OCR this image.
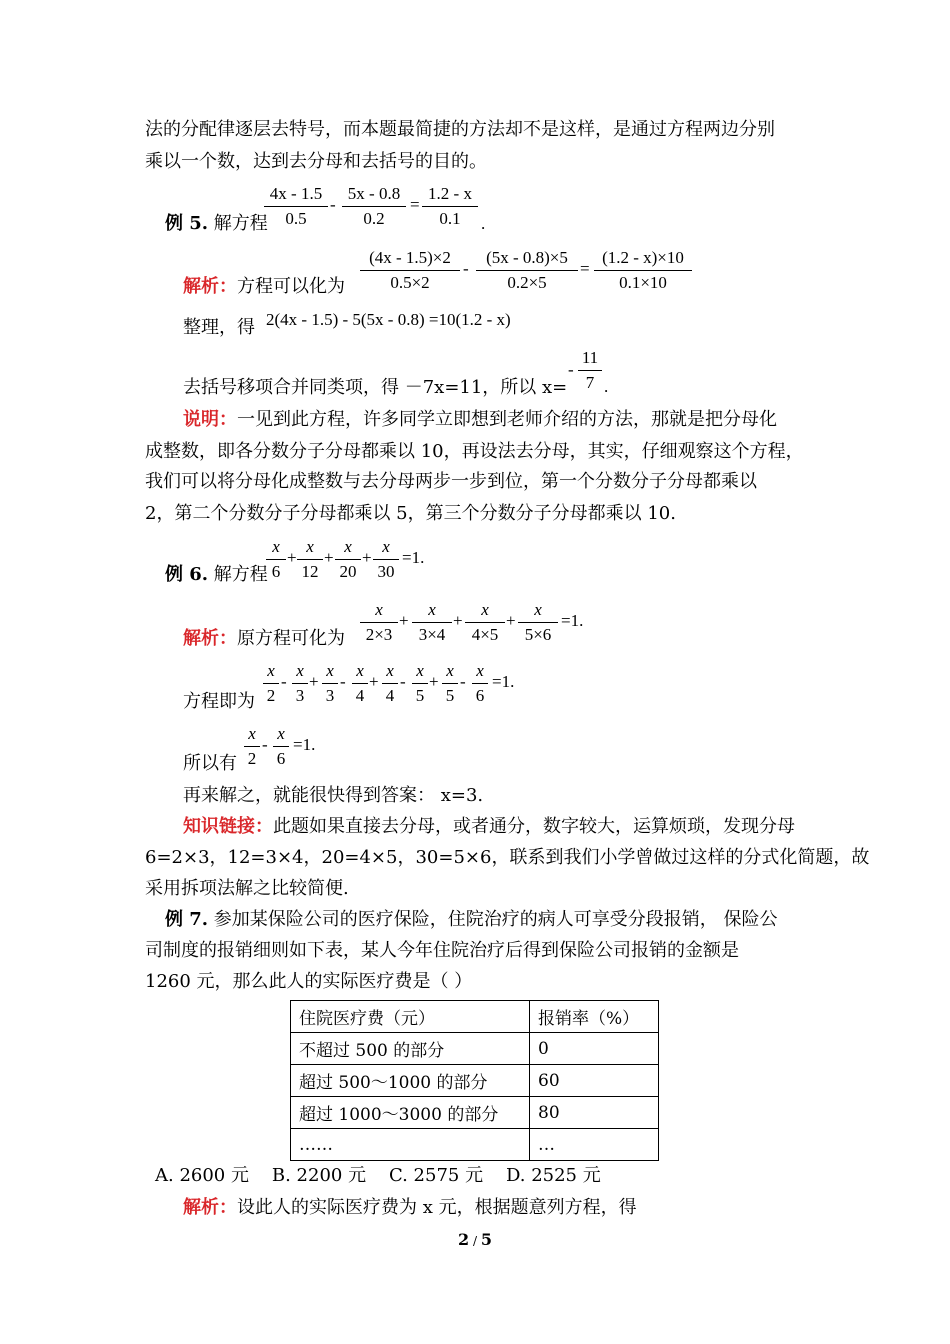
法的分配律逐层去特号，而本题最简捷的方法却不是这样，是通过方程两边分别
乘以一个数，达到去分母和去括号的目的。
例 5. 解方程
$\frac{4x - 1.5}{0.5} - \frac{5x - 0.8}{0.2} = \frac{1.2 - x}{0.1}$ .
解析：方程可以化为 $\frac{(4x - 1.5)\times 2}{0.5\times 2} - \frac{(5x - 0.8)\times 5}{0.2\times 5} = \frac{(1.2 - x)\times 10}{0.1\times 10}$
整理，得 2(4x - 1.5) - 5(5x - 0.8) =10(1.2 - x)
去括号移项合并同类项，得 －7x=11，所以 x=
- $\frac{11}{7}$ .
说明：一见到此方程，许多同学立即想到老师介绍的方法，那就是把分母化
成整数，即各分数分子分母都乘以 10，再设法去分母，其实，仔细观察这个方程，
我们可以将分母化成整数与去分母两步一步到位，第一个分数分子分母都乘以
2，第二个分数分子分母都乘以 5，第三个分数分子分母都乘以 10.
例 6. 解方程
$\frac{x}{6} + \frac{x}{12} + \frac{x}{20} + \frac{x}{30} =1$.
解析：原方程可化为 $\frac{x}{2\times 3} + \frac{x}{3\times 4} + \frac{x}{4\times 5} + \frac{x}{5\times 6} =1$.
方程即为 $\frac{x}{2} - \frac{x}{3} + \frac{x}{3} - \frac{x}{4} + \frac{x}{4} - \frac{x}{5} + \frac{x}{5} - \frac{x}{6} =1$.
所以有 $\frac{x}{2} - \frac{x}{6} =1$.
再来解之，就能很快得到答案： x=3.
知识链接：此题如果直接去分母，或者通分，数字较大，运算烦琐，发现分母
6=2×3，12=3×4，20=4×5，30=5×6，联系到我们小学曾做过这样的分式化简题，故
采用拆项法解之比较简便.
例 7. 参加某保险公司的医疗保险，住院治疗的病人可享受分段报销， 保险公
司制度的报销细则如下表，某人今年住院治疗后得到保险公司报销的金额是
1260 元，那么此人的实际医疗费是（ ）
住院医疗费（元）	报销率（%）
不超过 500 的部分	0
超过 500～1000 的部分	60
超过 1000～3000 的部分	80
……	…
A. 2600 元 B. 2200 元 C. 2575 元 D. 2525 元
解析：设此人的实际医疗费为 x 元，根据题意列方程，得
2 / 5
